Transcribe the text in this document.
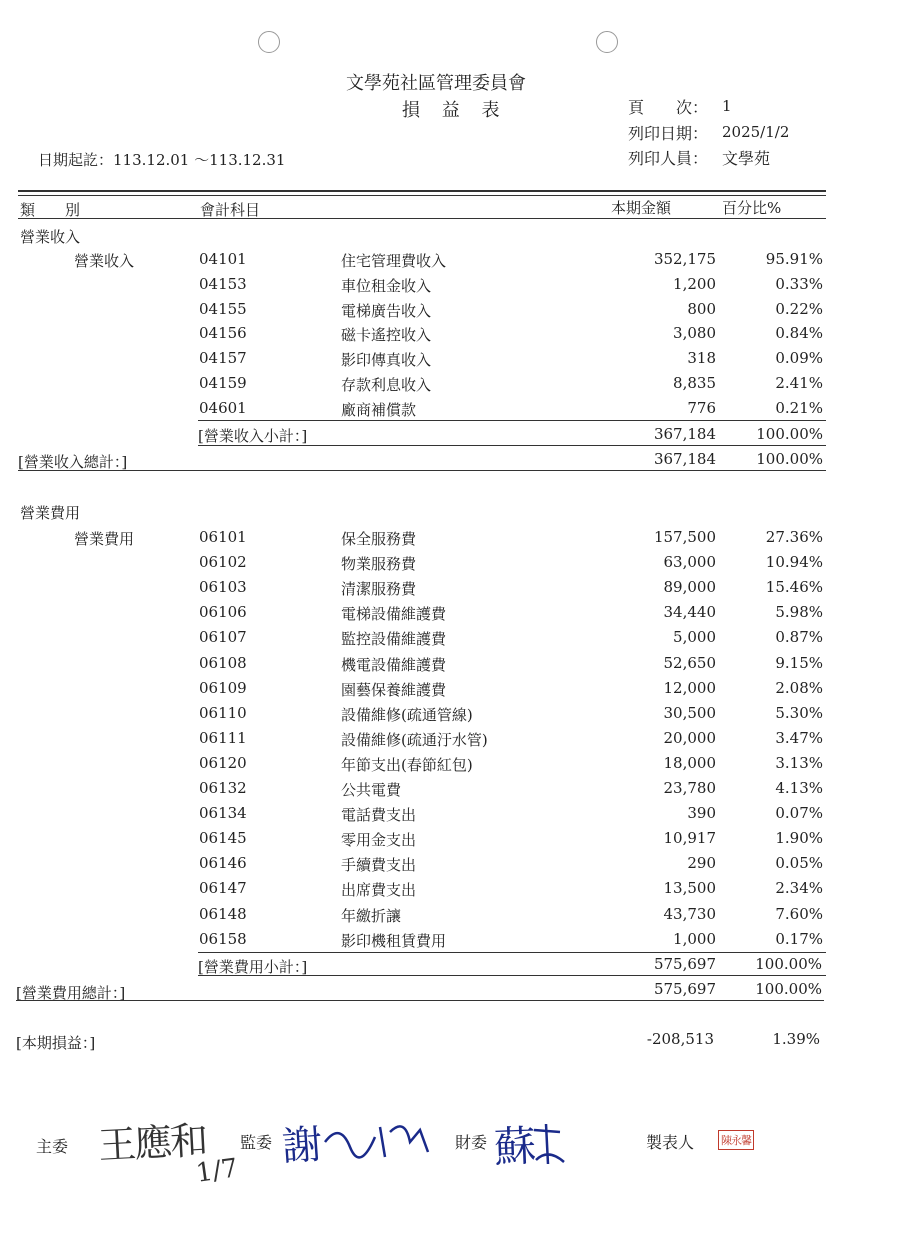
文學苑社區管理委員會
損 益 表	頁　　次： 1
列印日期： 2025/1/2
列印人員： 文學苑
日期起訖：113.12.01 ～113.12.31
類　　別	會計科目	本期金額	百分比%
營業收入
營業收入	04101	住宅管理費收入	352,175	95.91%
04153	車位租金收入	1,200	0.33%
04155	電梯廣告收入	800	0.22%
04156	磁卡遙控收入	3,080	0.84%
04157	影印傳真收入	318	0.09%
04159	存款利息收入	8,835	2.41%
04601	廠商補償款	776	0.21%
[營業收入小計：]	367,184	100.00%
[營業收入總計：]	367,184	100.00%
營業費用
營業費用	06101	保全服務費	157,500	27.36%
06102	物業服務費	63,000	10.94%
06103	清潔服務費	89,000	15.46%
06106	電梯設備維護費	34,440	5.98%
06107	監控設備維護費	5,000	0.87%
06108	機電設備維護費	52,650	9.15%
06109	園藝保養維護費	12,000	2.08%
06110	設備維修(疏通管線)	30,500	5.30%
06111	設備維修(疏通汙水管)	20,000	3.47%
06120	年節支出(春節紅包)	18,000	3.13%
06132	公共電費	23,780	4.13%
06134	電話費支出	390	0.07%
06145	零用金支出	10,917	1.90%
06146	手續費支出	290	0.05%
06147	出席費支出	13,500	2.34%
06148	年繳折讓	43,730	7.60%
06158	影印機租賃費用	1,000	0.17%
[營業費用小計：]	575,697	100.00%
[營業費用總計：]	575,697	100.00%
[本期損益：]	-208,513	1.39%
主委 王應和
1/7
監委 謝	財委 蘇	製表人 陳永馨
